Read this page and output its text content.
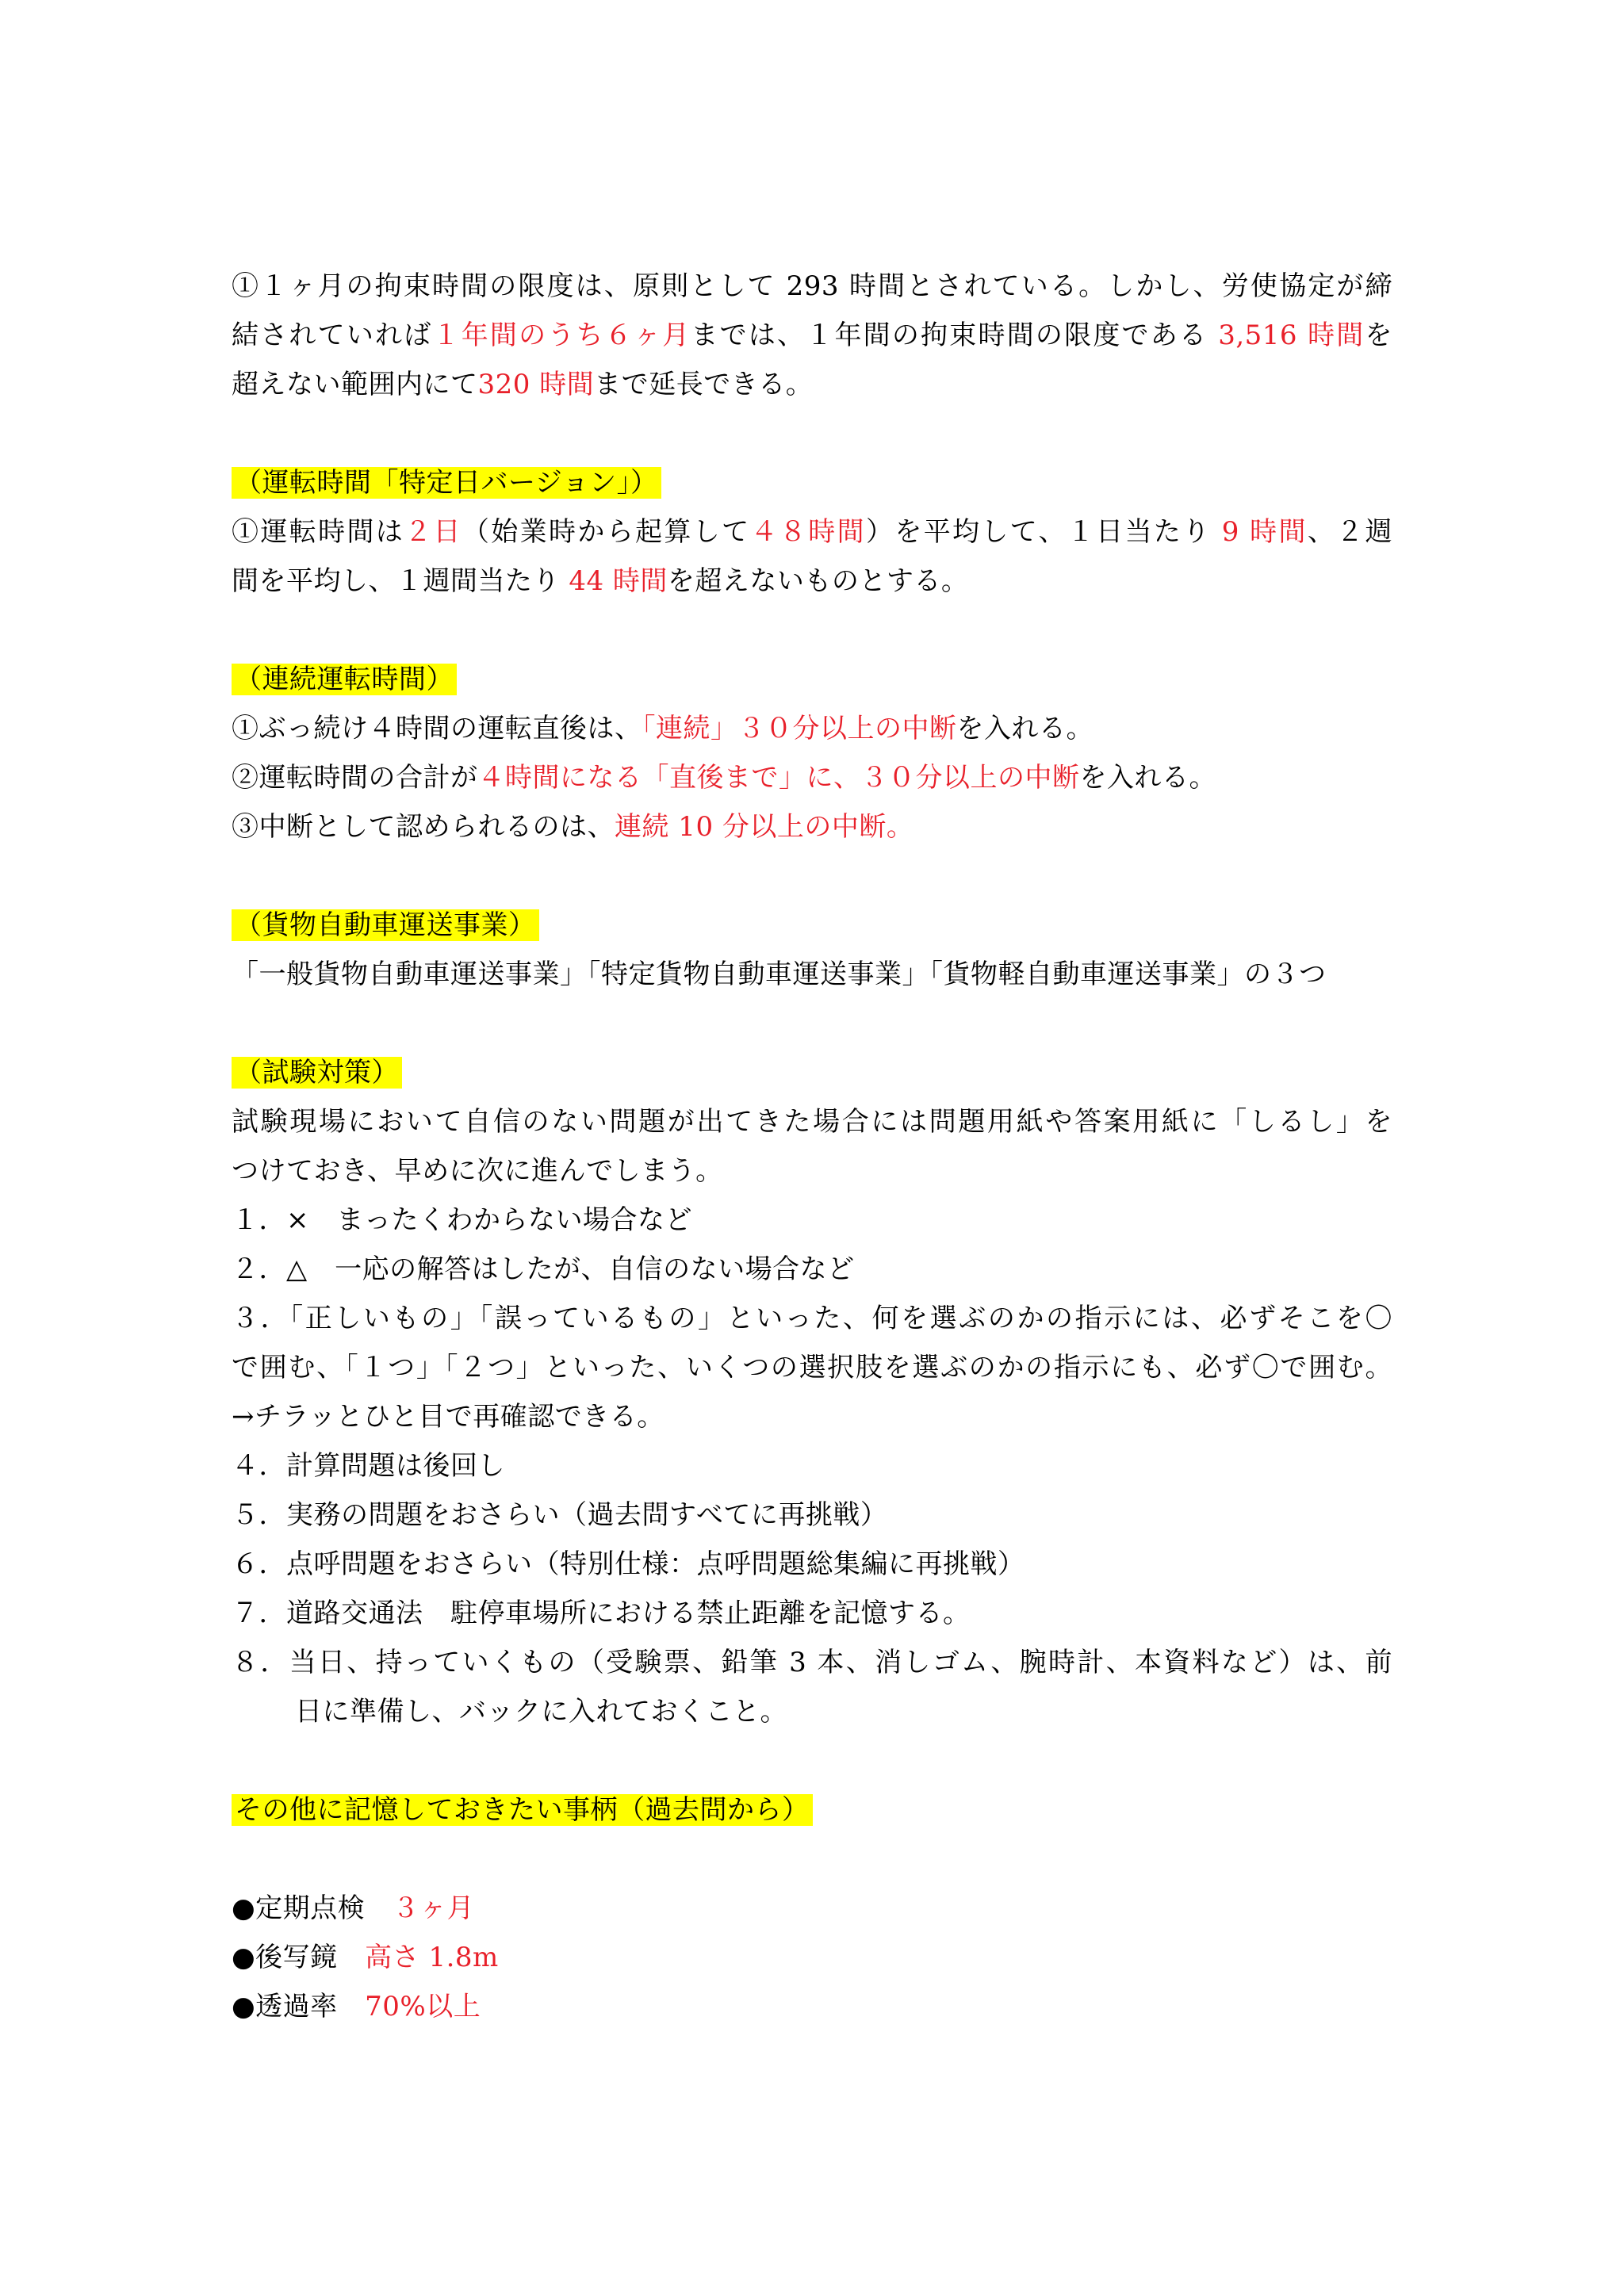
①１ヶ月の拘束時間の限度は、原則として 293 時間とされている。しかし、労使協定が締
結されていれば１年間のうち６ヶ月までは、１年間の拘束時間の限度である 3,516 時間を
超えない範囲内にて320 時間まで延長できる。
（運転時間「特定日バージョン」）
①運転時間は２日（始業時から起算して４８時間）を平均して、１日当たり 9 時間、２週
間を平均し、１週間当たり 44 時間を超えないものとする。
（連続運転時間）
①ぶっ続け４時間の運転直後は、「連続」３０分以上の中断を入れる。
②運転時間の合計が４時間になる「直後まで」に、３０分以上の中断を入れる。
③中断として認められるのは、連続 10 分以上の中断。
（貨物自動車運送事業）
「一般貨物自動車運送事業」「特定貨物自動車運送事業」「貨物軽自動車運送事業」の３つ
（試験対策）
試験現場において自信のない問題が出てきた場合には問題用紙や答案用紙に「しるし」を
つけておき、早めに次に進んでしまう。
１．×　まったくわからない場合など
２．△　一応の解答はしたが、自信のない場合など
３．「正しいもの」「誤っているもの」といった、何を選ぶのかの指示には、必ずそこを〇
で囲む、「１つ」「２つ」といった、いくつの選択肢を選ぶのかの指示にも、必ず〇で囲む。
→チラッとひと目で再確認できる。
４．計算問題は後回し
５．実務の問題をおさらい（過去問すべてに再挑戦）
６．点呼問題をおさらい（特別仕様：点呼問題総集編に再挑戦）
７．道路交通法　駐停車場所における禁止距離を記憶する。
８．当日、持っていくもの（受験票、鉛筆 3 本、消しゴム、腕時計、本資料など）は、前
日に準備し、バックに入れておくこと。
その他に記憶しておきたい事柄（過去問から）
●定期点検　３ヶ月
●後写鏡　高さ 1.8m
●透過率　70%以上
